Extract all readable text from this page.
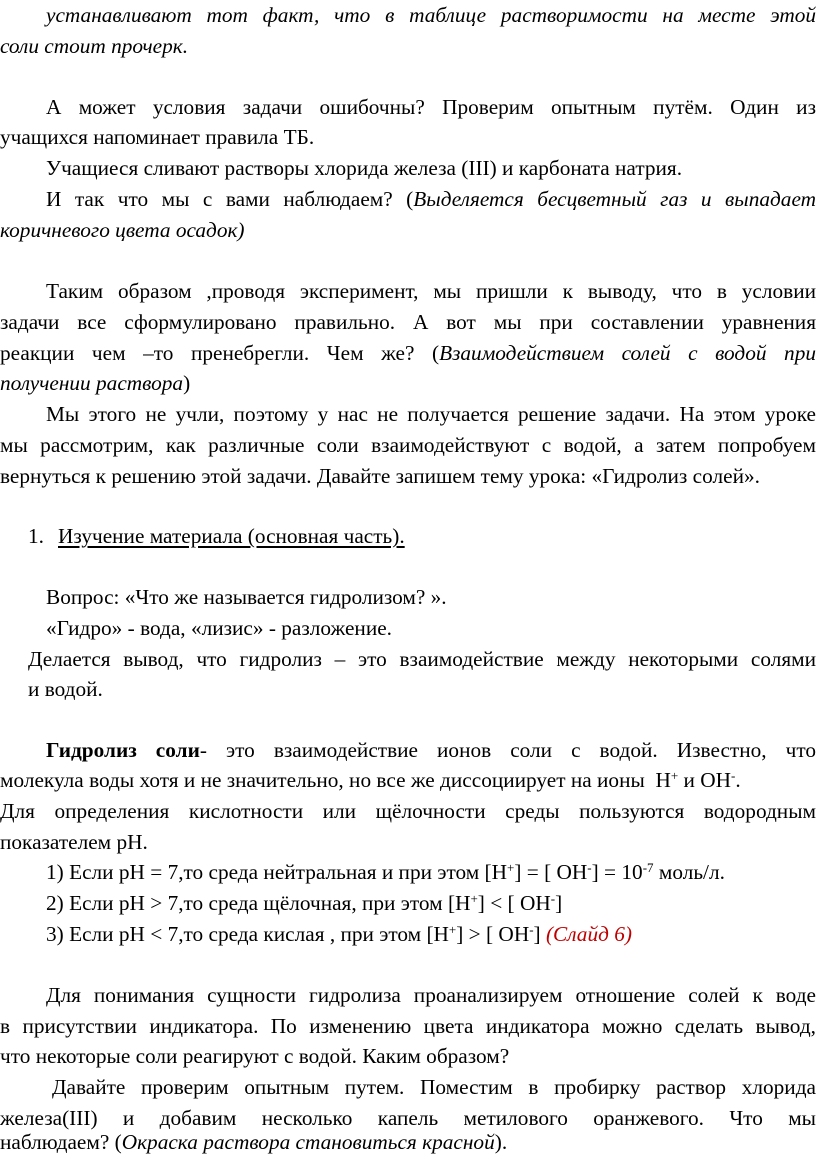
устанавливают тот факт, что в таблице растворимости на месте этой
соли стоит прочерк.
А может условия задачи ошибочны? Проверим опытным путём. Один из
учащихся напоминает правила ТБ.
Учащиеся сливают растворы хлорида железа (III) и карбоната натрия.
И так что мы с вами наблюдаем? (Выделяется бесцветный газ и выпадает
коричневого цвета осадок)
Таким образом ,проводя эксперимент, мы пришли к выводу, что в условии
задачи все сформулировано правильно. А вот мы при составлении уравнения
реакции чем –то пренебрегли. Чем же? (Взаимодействием солей с водой при
получении раствора)
Мы этого не учли, поэтому у нас не получается решение задачи. На этом уроке
мы рассмотрим, как различные соли взаимодействуют с водой, а затем попробуем
вернуться к решению этой задачи. Давайте запишем тему урока: «Гидролиз солей».
1. Изучение материала (основная часть).
Вопрос: «Что же называется гидролизом? ».
«Гидро» - вода, «лизис» - разложение.
Делается вывод, что гидролиз – это взаимодействие между некоторыми солями
и водой.
Гидролиз соли- это взаимодействие ионов соли с водой. Известно, что
молекула воды хотя и не значительно, но все же диссоциирует на ионы H+ и OH-.
Для определения кислотности или щёлочности среды пользуются водородным
показателем рН.
1) Если рН = 7,то среда нейтральная и при этом [H+] = [ $OH^-] = 10^{-7}$ моль/л.
2) Если рН > 7,то среда щёлочная, при этом [H+] < [ OH-]
3) Если рН < 7,то среда кислая , при этом [H+] > [ OH-] (Слайд 6)
Для понимания сущности гидролиза проанализируем отношение солей к воде
в присутствии индикатора. По изменению цвета индикатора можно сделать вывод,
что некоторые соли реагируют с водой. Каким образом?
Давайте проверим опытным путем. Поместим в пробирку раствор хлорида
железа(III) и добавим несколько капель метилового оранжевого. Что мы
наблюдаем? (Окраска раствора становиться красной).
